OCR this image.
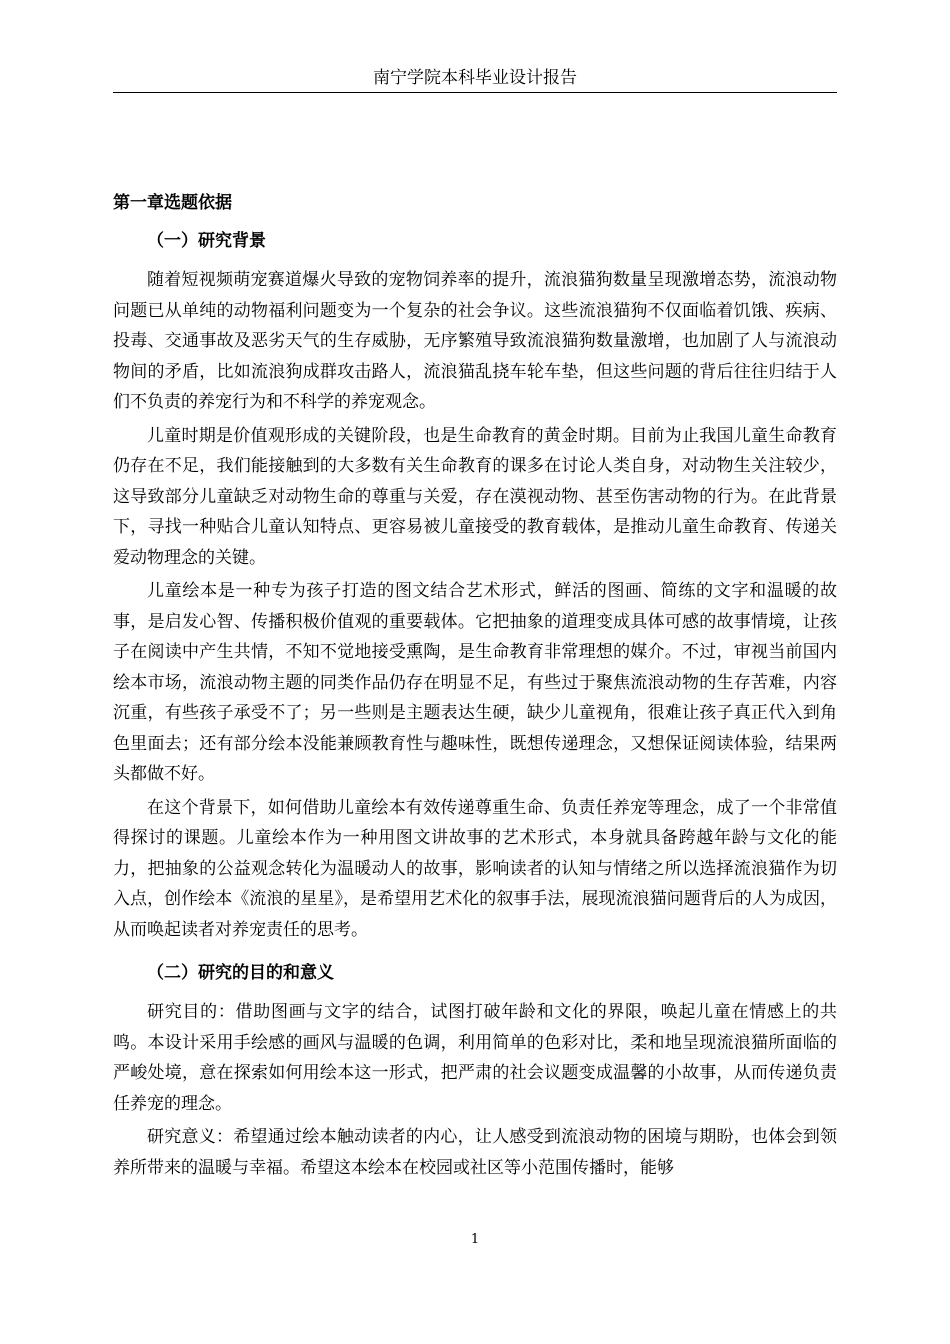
南宁学院本科毕业设计报告
第一章选题依据
（一）研究背景

随着短视频萌宠赛道爆火导致的宠物饲养率的提升，流浪猫狗数量呈现激增态势，流浪动物问题已从单纯的动物福利问题变为一个复杂的社会争议。这些流浪猫狗不仅面临着饥饿、疾病、投毒、交通事故及恶劣天气的生存威胁，无序繁殖导致流浪猫狗数量激增，也加剧了人与流浪动物间的矛盾，比如流浪狗成群攻击路人，流浪猫乱挠车轮车垫，但这些问题的背后往往归结于人们不负责的养宠行为和不科学的养宠观念。

儿童时期是价值观形成的关键阶段，也是生命教育的黄金时期。目前为止我国儿童生命教育仍存在不足，我们能接触到的大多数有关生命教育的课多在讨论人类自身，对动物生关注较少，这导致部分儿童缺乏对动物生命的尊重与关爱，存在漠视动物、甚至伤害动物的行为。在此背景下，寻找一种贴合儿童认知特点、更容易被儿童接受的教育载体，是推动儿童生命教育、传递关爱动物理念的关键。

儿童绘本是一种专为孩子打造的图文结合艺术形式，鲜活的图画、简练的文字和温暖的故事，是启发心智、传播积极价值观的重要载体。它把抽象的道理变成具体可感的故事情境，让孩子在阅读中产生共情，不知不觉地接受熏陶，是生命教育非常理想的媒介。不过，审视当前国内绘本市场，流浪动物主题的同类作品仍存在明显不足，有些过于聚焦流浪动物的生存苦难，内容沉重，有些孩子承受不了；另一些则是主题表达生硬，缺少儿童视角，很难让孩子真正代入到角色里面去；还有部分绘本没能兼顾教育性与趣味性，既想传递理念，又想保证阅读体验，结果两头都做不好。

在这个背景下，如何借助儿童绘本有效传递尊重生命、负责任养宠等理念，成了一个非常值得探讨的课题。儿童绘本作为一种用图文讲故事的艺术形式，本身就具备跨越年龄与文化的能力，把抽象的公益观念转化为温暖动人的故事，影响读者的认知与情绪之所以选择流浪猫作为切入点，创作绘本《流浪的星星》，是希望用艺术化的叙事手法，展现流浪猫问题背后的人为成因，从而唤起读者对养宠责任的思考。

（二）研究的目的和意义

研究目的：借助图画与文字的结合，试图打破年龄和文化的界限，唤起儿童在情感上的共鸣。本设计采用手绘感的画风与温暖的色调，利用简单的色彩对比，柔和地呈现流浪猫所面临的严峻处境，意在探索如何用绘本这一形式，把严肃的社会议题变成温馨的小故事，从而传递负责任养宠的理念。

研究意义：希望通过绘本触动读者的内心，让人感受到流浪动物的困境与期盼，也体会到领养所带来的温暖与幸福。希望这本绘本在校园或社区等小范围传播时，能够

1
